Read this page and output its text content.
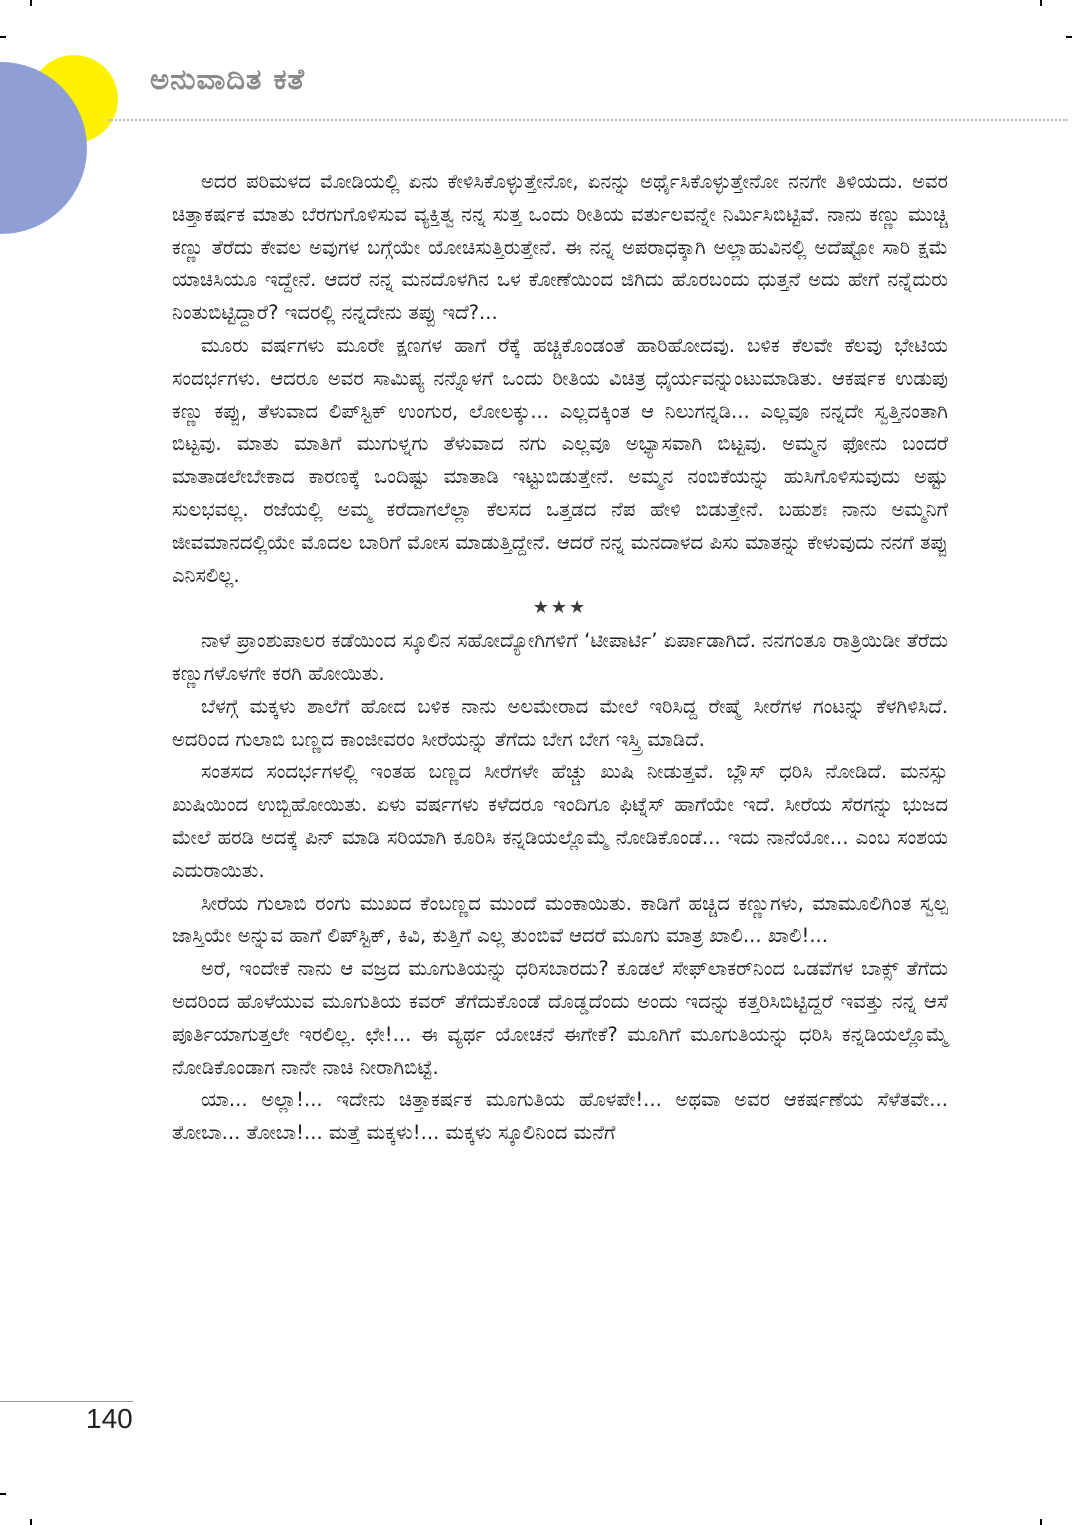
ಅನುವಾದಿತ ಕತೆ

ಅದರ ಪರಿಮಳದ ಮೋಡಿಯಲ್ಲಿ ಏನು ಕೇಳಿಸಿಕೊಳ್ಳುತ್ತೇನೋ, ಏನನ್ನು ಅರ್ಥೈಸಿಕೊಳ್ಳುತ್ತೇನೋ ನನಗೇ ತಿಳಿಯದು. ಅವರ ಚಿತ್ತಾಕರ್ಷಕ ಮಾತು ಬೆರಗುಗೊಳಿಸುವ ವ್ಯಕ್ತಿತ್ವ ನನ್ನ ಸುತ್ತ ಒಂದು ರೀತಿಯ ವರ್ತುಲವನ್ನೇ ನಿರ್ಮಿಸಿಬಿಟ್ಟಿವೆ. ನಾನು ಕಣ್ಣು ಮುಚ್ಚಿ ಕಣ್ಣು ತೆರೆದು ಕೇವಲ ಅವುಗಳ ಬಗ್ಗೆಯೇ ಯೋಚಿಸುತ್ತಿರುತ್ತೇನೆ. ಈ ನನ್ನ ಅಪರಾಧಕ್ಕಾಗಿ ಅಲ್ಲಾಹುವಿನಲ್ಲಿ ಅದೆಷ್ಟೋ ಸಾರಿ ಕ್ಷಮೆ ಯಾಚಿಸಿಯೂ ಇದ್ದೇನೆ. ಆದರೆ ನನ್ನ ಮನದೊಳಗಿನ ಒಳ ಕೋಣೆಯಿಂದ ಜಿಗಿದು ಹೊರಬಂದು ಧುತ್ತನೆ ಅದು ಹೇಗೆ ನನ್ನೆದುರು ನಿಂತುಬಿಟ್ಟಿದ್ದಾರೆ? ಇದರಲ್ಲಿ ನನ್ನದೇನು ತಪ್ಪು ಇದೆ?...

ಮೂರು ವರ್ಷಗಳು ಮೂರೇ ಕ್ಷಣಗಳ ಹಾಗೆ ರೆಕ್ಕೆ ಹಚ್ಚಿಕೊಂಡಂತೆ ಹಾರಿಹೋದವು. ಬಳಿಕ ಕೆಲವೇ ಕೆಲವು ಭೇಟಿಯ ಸಂದರ್ಭಗಳು. ಆದರೂ ಅವರ ಸಾಮಿಪ್ಯ ನನ್ನೊಳಗೆ ಒಂದು ರೀತಿಯ ವಿಚಿತ್ರ ಧೈರ್ಯವನ್ನುಂಟುಮಾಡಿತು. ಆಕರ್ಷಕ ಉಡುಪು ಕಣ್ಣು ಕಪ್ಪು, ತೆಳುವಾದ ಲಿಪ್‌ಸ್ಟಿಕ್ ಉಂಗುರ, ಲೋಲಕ್ಕು... ಎಲ್ಲದಕ್ಕಿಂತ ಆ ನಿಲುಗನ್ನಡಿ... ಎಲ್ಲವೂ ನನ್ನದೇ ಸ್ವತ್ತಿನಂತಾಗಿ ಬಿಟ್ಟವು. ಮಾತು ಮಾತಿಗೆ ಮುಗುಳ್ನಗು ತೆಳುವಾದ ನಗು ಎಲ್ಲವೂ ಅಭ್ಯಾಸವಾಗಿ ಬಿಟ್ಟವು. ಅಮ್ಮನ ಫೋನು ಬಂದರೆ ಮಾತಾಡಲೇಬೇಕಾದ ಕಾರಣಕ್ಕೆ ಒಂದಿಷ್ಟು ಮಾತಾಡಿ ಇಟ್ಟುಬಿಡುತ್ತೇನೆ. ಅಮ್ಮನ ನಂಬಿಕೆಯನ್ನು ಹುಸಿಗೊಳಿಸುವುದು ಅಷ್ಟು ಸುಲಭವಲ್ಲ. ರಜೆಯಲ್ಲಿ ಅಮ್ಮ ಕರೆದಾಗಲೆಲ್ಲಾ ಕೆಲಸದ ಒತ್ತಡದ ನೆಪ ಹೇಳಿ ಬಿಡುತ್ತೇನೆ. ಬಹುಶಃ ನಾನು ಅಮ್ಮನಿಗೆ ಜೀವಮಾನದಲ್ಲಿಯೇ ಮೊದಲ ಬಾರಿಗೆ ಮೋಸ ಮಾಡುತ್ತಿದ್ದೇನೆ. ಆದರೆ ನನ್ನ ಮನದಾಳದ ಪಿಸು ಮಾತನ್ನು ಕೇಳುವುದು ನನಗೆ ತಪ್ಪು ಎನಿಸಲಿಲ್ಲ.

★★★

ನಾಳೆ ಪ್ರಾಂಶುಪಾಲರ ಕಡೆಯಿಂದ ಸ್ಕೂಲಿನ ಸಹೋದ್ಯೋಗಿಗಳಿಗೆ ‘ಟೀಪಾರ್ಟಿ’ ಏರ್ಪಾಡಾಗಿದೆ. ನನಗಂತೂ ರಾತ್ರಿಯಿಡೀ ತೆರೆದು ಕಣ್ಣುಗಳೊಳಗೇ ಕರಗಿ ಹೋಯಿತು.

ಬೆಳಗ್ಗೆ ಮಕ್ಕಳು ಶಾಲೆಗೆ ಹೋದ ಬಳಿಕ ನಾನು ಅಲಮೇರಾದ ಮೇಲೆ ಇರಿಸಿದ್ದ ರೇಷ್ಮೆ ಸೀರೆಗಳ ಗಂಟನ್ನು ಕೆಳಗಿಳಿಸಿದೆ. ಅದರಿಂದ ಗುಲಾಬಿ ಬಣ್ಣದ ಕಾಂಜೀವರಂ ಸೀರೆಯನ್ನು ತೆಗೆದು ಬೇಗ ಬೇಗ ಇಸ್ತ್ರಿ ಮಾಡಿದೆ.

ಸಂತಸದ ಸಂದರ್ಭಗಳಲ್ಲಿ ಇಂತಹ ಬಣ್ಣದ ಸೀರೆಗಳೇ ಹೆಚ್ಚು ಖುಷಿ ನೀಡುತ್ತವೆ. ಬ್ಲೌಸ್ ಧರಿಸಿ ನೋಡಿದೆ. ಮನಸ್ಸು ಖುಷಿಯಿಂದ ಉಬ್ಬಿಹೋಯಿತು. ಏಳು ವರ್ಷಗಳು ಕಳೆದರೂ ಇಂದಿಗೂ ಫಿಟ್ನೆಸ್ ಹಾಗೆಯೇ ಇದೆ. ಸೀರೆಯ ಸೆರಗನ್ನು ಭುಜದ ಮೇಲೆ ಹರಡಿ ಅದಕ್ಕೆ ಪಿನ್ ಮಾಡಿ ಸರಿಯಾಗಿ ಕೂರಿಸಿ ಕನ್ನಡಿಯಲ್ಲೊಮ್ಮೆ ನೋಡಿಕೊಂಡೆ... ಇದು ನಾನೆಯೋ... ಎಂಬ ಸಂಶಯ ಎದುರಾಯಿತು.

ಸೀರೆಯ ಗುಲಾಬಿ ರಂಗು ಮುಖದ ಕೆಂಬಣ್ಣದ ಮುಂದೆ ಮಂಕಾಯಿತು. ಕಾಡಿಗೆ ಹಚ್ಚಿದ ಕಣ್ಣುಗಳು, ಮಾಮೂಲಿಗಿಂತ ಸ್ವಲ್ಪ ಜಾಸ್ತಿಯೇ ಅನ್ನುವ ಹಾಗೆ ಲಿಪ್‌ಸ್ಟಿಕ್, ಕಿವಿ, ಕುತ್ತಿಗೆ ಎಲ್ಲ ತುಂಬಿವೆ ಆದರೆ ಮೂಗು ಮಾತ್ರ ಖಾಲಿ... ಖಾಲಿ!...

ಅರೆ, ಇಂದೇಕೆ ನಾನು ಆ ವಜ್ರದ ಮೂಗುತಿಯನ್ನು ಧರಿಸಬಾರದು? ಕೂಡಲೆ ಸೇಫ್‌ಲಾಕರ್‌ನಿಂದ ಒಡವೆಗಳ ಬಾಕ್ಸ್ ತೆಗೆದು ಅದರಿಂದ ಹೊಳೆಯುವ ಮೂಗುತಿಯ ಕವರ್ ತೆಗೆದುಕೊಂಡೆ ದೊಡ್ಡದೆಂದು ಅಂದು ಇದನ್ನು ಕತ್ತರಿಸಿಬಿಟ್ಟಿದ್ದರೆ ಇವತ್ತು ನನ್ನ ಆಸೆ ಪೂರ್ತಿಯಾಗುತ್ತಲೇ ಇರಲಿಲ್ಲ. ಛೇ!... ಈ ವ್ಯರ್ಥ ಯೋಚನೆ ಈಗೇಕೆ? ಮೂಗಿಗೆ ಮೂಗುತಿಯನ್ನು ಧರಿಸಿ ಕನ್ನಡಿಯಲ್ಲೊಮ್ಮೆ ನೋಡಿಕೊಂಡಾಗ ನಾನೇ ನಾಚಿ ನೀರಾಗಿಬಿಟ್ಟೆ.

ಯಾ... ಅಲ್ಲಾ!... ಇದೇನು ಚಿತ್ತಾಕರ್ಷಕ ಮೂಗುತಿಯ ಹೊಳಪೇ!... ಅಥವಾ ಅವರ ಆಕರ್ಷಣೆಯ ಸೆಳೆತವೇ... ತೋಬಾ... ತೋಬಾ!... ಮತ್ತೆ ಮಕ್ಕಳು!... ಮಕ್ಕಳು ಸ್ಕೂಲಿನಿಂದ ಮನೆಗೆ

140
